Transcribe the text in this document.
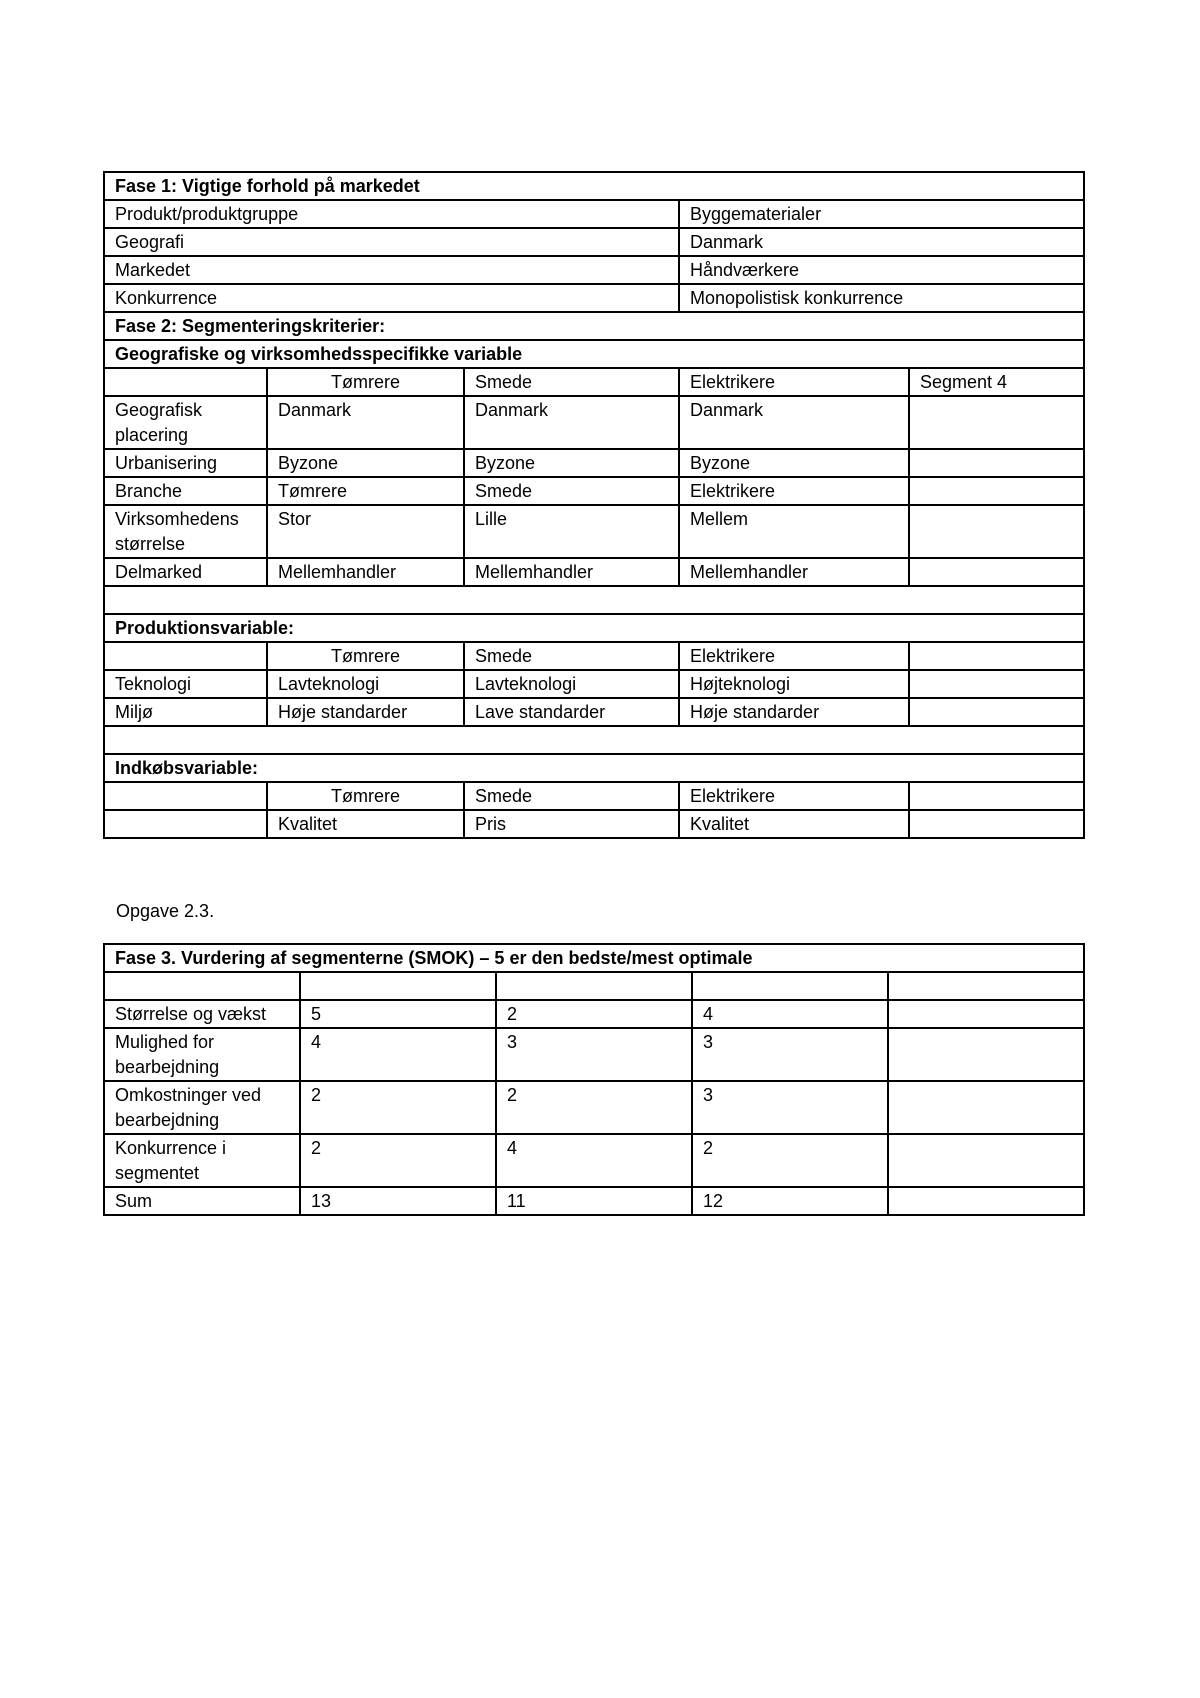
Fase 1: Vigtige forhold på markedet				
Produkt/produktgruppe			Byggematerialer	
Geografi			Danmark	
Markedet			Håndværkere	
Konkurrence			Monopolistisk konkurrence	
Fase 2: Segmenteringskriterier:				
Geografiske og virksomhedsspecifikke variable				
	Tømrere	Smede	Elektrikere	Segment 4
Geografisk placering	Danmark	Danmark	Danmark	
Urbanisering	Byzone	Byzone	Byzone	
Branche	Tømrere	Smede	Elektrikere	
Virksomhedens størrelse	Stor	Lille	Mellem	
Delmarked	Mellemhandler	Mellemhandler	Mellemhandler	

Produktionsvariable:				
	Tømrere	Smede	Elektrikere	
Teknologi	Lavteknologi	Lavteknologi	Højteknologi	
Miljø	Høje standarder	Lave standarder	Høje standarder	

Indkøbsvariable:				
	Tømrere	Smede	Elektrikere	
	Kvalitet	Pris	Kvalitet	

Opgave 2.3.

Fase 3. Vurdering af segmenterne (SMOK) – 5 er den bedste/mest optimale				

Størrelse og vækst	5	2	4	
Mulighed for bearbejdning	4	3	3	
Omkostninger ved bearbejdning	2	2	3	
Konkurrence i segmentet	2	4	2	
Sum	13	11	12	
